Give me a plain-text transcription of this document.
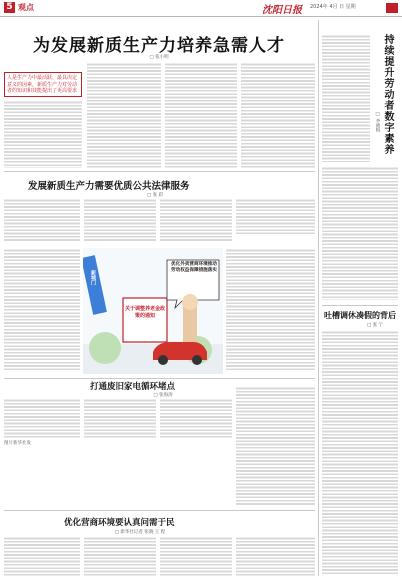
5 观点	沈阳日报 2024年 4月 日 星期
为发展新质生产力培养急需人才
□ 张小明
人是生产力中最活跃、最具决定意义的因素，新质生产力对劳动者的知识和技能提出了更高要求
发展新质生产力需要优质公共法律服务
□ 张 彩
优化外卖营商环境推动劳动权益保障措施落实
关于调整养老金政策的通知
新城门
打通废旧家电循环堵点
□ 张海涛
图片新华社发
优化营商环境要认真问需于民
□ 新华社记者 张晓 王 程
持续提升劳动者数字素养
□ 李晓梅
吐槽调休凑假的背后
□ 张 宁
